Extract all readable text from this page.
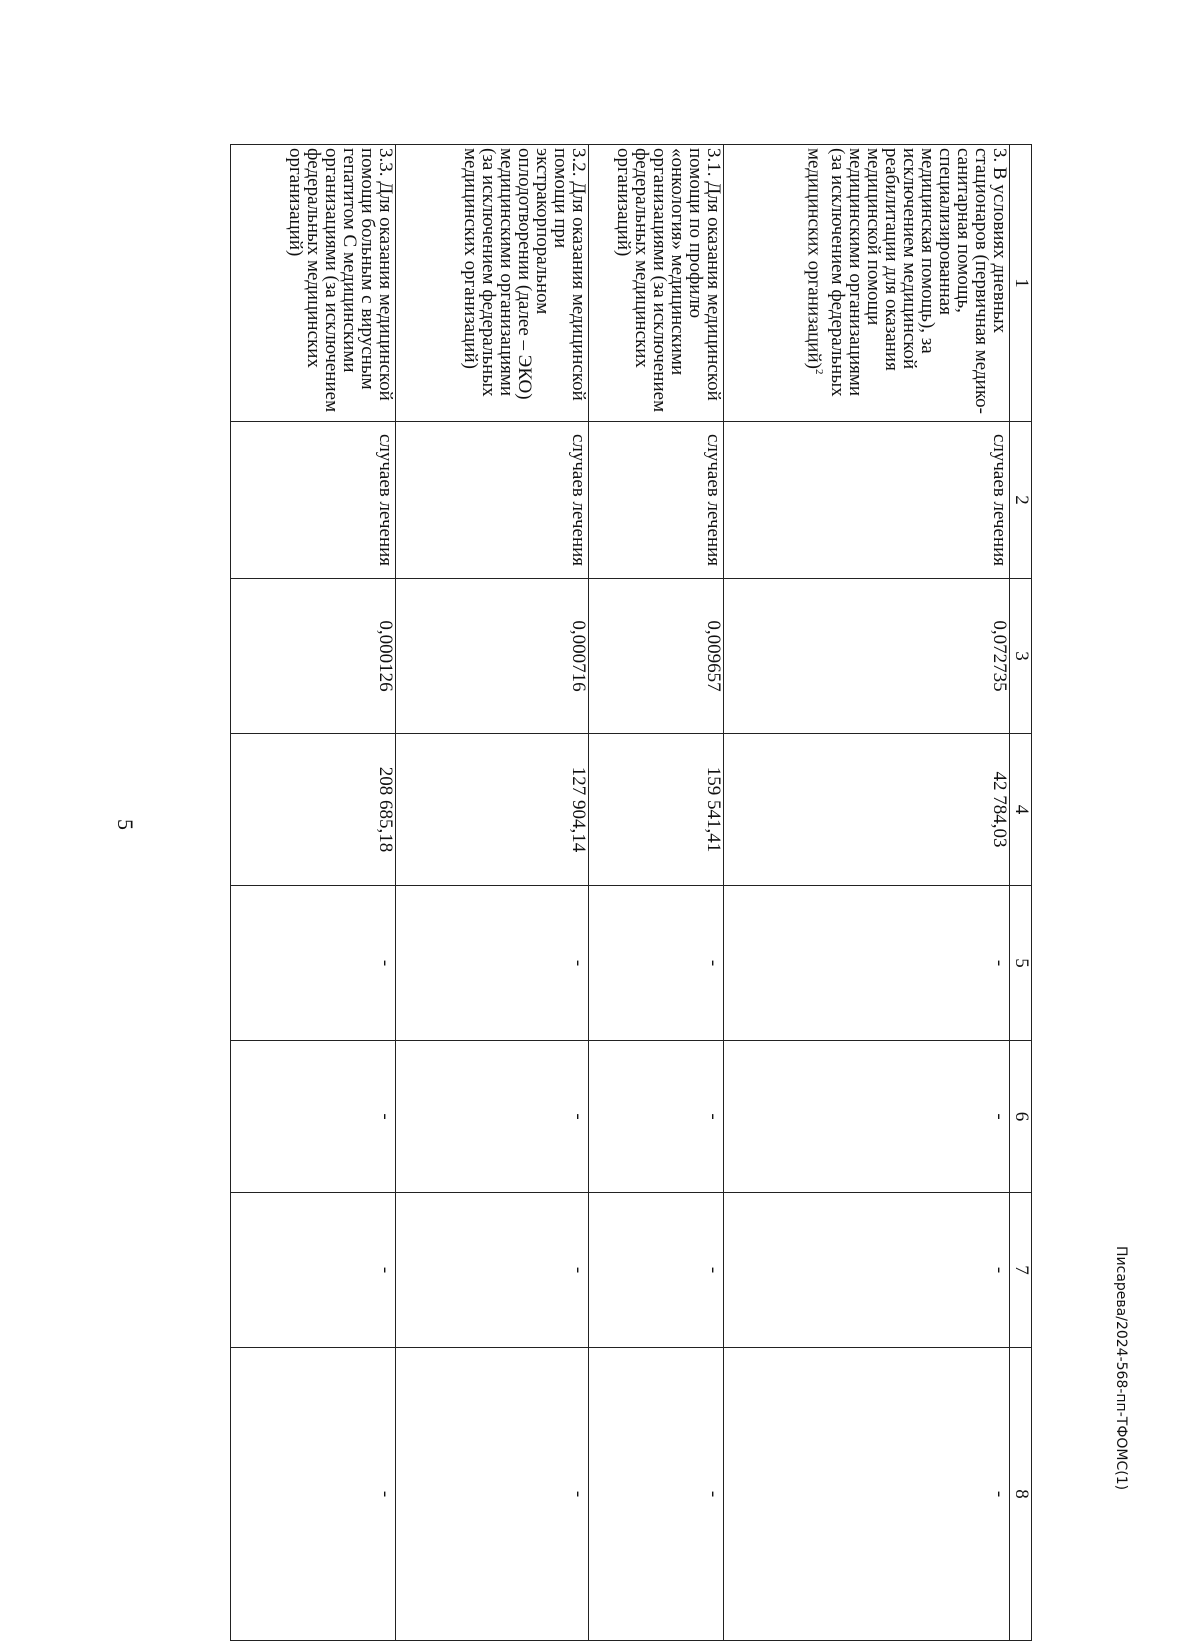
5
1	2	3	4	5	6	7	8
3. В условиях дневных стационаров (первичная медико-санитарная помощь, специализированная медицинская помощь), за исключением медицинской реабилитации для оказания медицинской помощи медицинскими организациями (за исключением федеральных медицинских организаций)$^2$	случаев лечения	0,072735	42 784,03	-	-	-	-
3.1. Для оказания медицинской помощи по профилю «онкология» медицинскими организациями (за исключением федеральных медицинских организаций)	случаев лечения	0,009657	159 541,41	-	-	-	-
3.2. Для оказания медицинской помощи при экстракорпоральном оплодотворении (далее – ЭКО) медицинскими организациями (за исключением федеральных медицинских организаций)	случаев лечения	0,000716	127 904,14	-	-	-	-
3.3. Для оказания медицинской помощи больным с вирусным гепатитом С медицинскими организациями (за исключением федеральных медицинских организаций)	случаев лечения	0,000126	208 685,18	-	-	-	-
Писарева/2024-568-пп-ТФОМС(1)
